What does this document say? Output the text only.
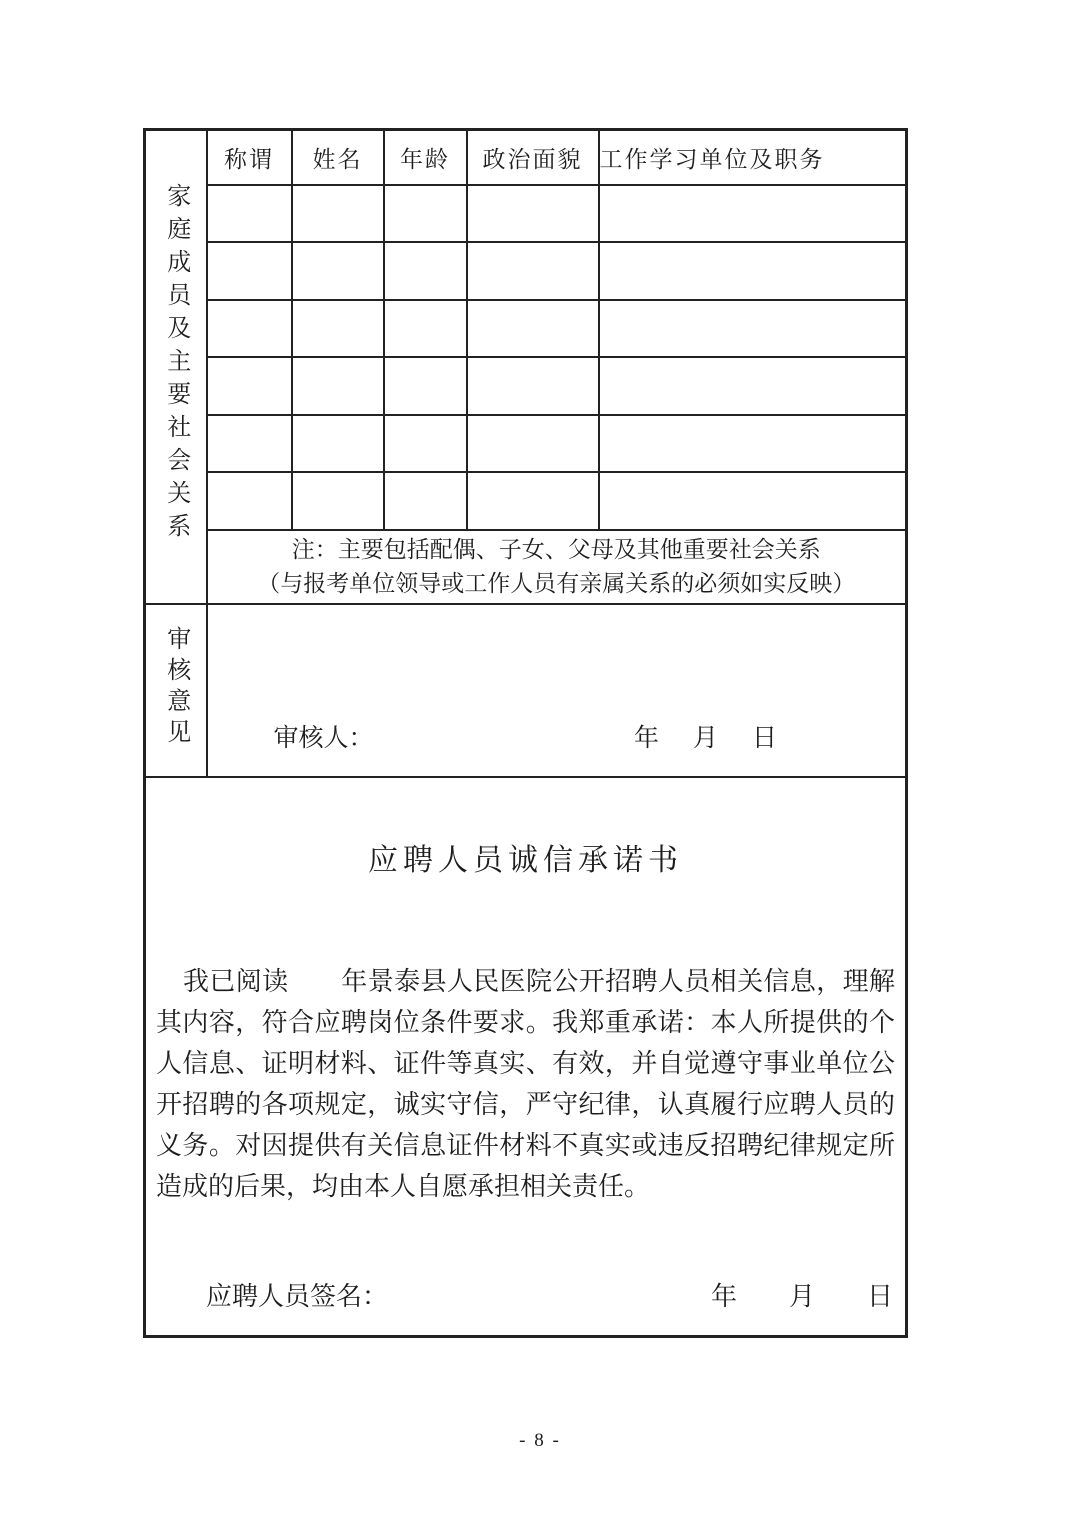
家庭成员及主要社会关系	称谓	姓名	年龄	政治面貌	工作学习单位及职务

	注：主要包括配偶、子女、父母及其他重要社会关系
（与报考单位领导或工作人员有亲属关系的必须如实反映）				

审核意见	审核人： 年 月 日				

应聘人员诚信承诺书

我已阅读　　年景泰县人民医院公开招聘人员相关信息，理解其内容，符合应聘岗位条件要求。我郑重承诺：本人所提供的个人信息、证明材料、证件等真实、有效，并自觉遵守事业单位公开招聘的各项规定，诚实守信，严守纪律，认真履行应聘人员的义务。对因提供有关信息证件材料不真实或违反招聘纪律规定所造成的后果，均由本人自愿承担相关责任。

应聘人员签名：	年 月 日
- 8 -
